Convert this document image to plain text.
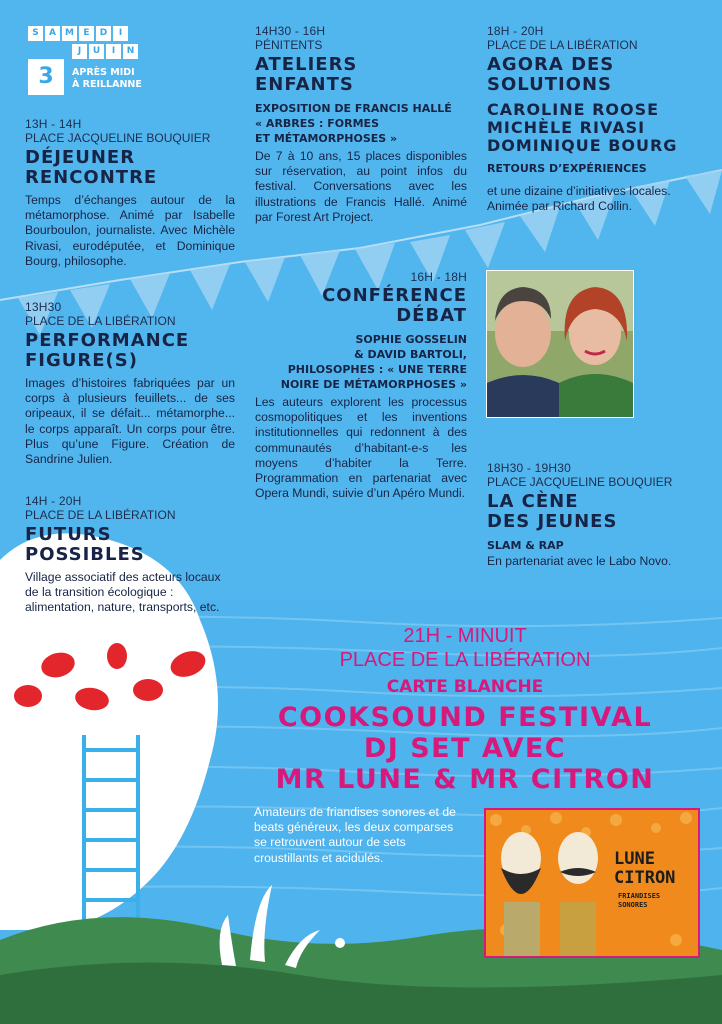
S	A	M	E	D	I
J	U	I	N
3	APRÈS MIDI
À REILLANNE
13H - 14H
PLACE JACQUELINE BOUQUIER
DÉJEUNER
RENCONTRE
Temps d’échanges autour de la métamorphose. Animé par Isabelle Bourboulon, journaliste. Avec Michèle Rivasi, eurodéputée, et Dominique Bourg, philosophe.
13H30
PLACE DE LA LIBÉRATION
PERFORMANCE
FIGURE(S)
Images d’histoires fabriquées par un corps à plusieurs feuillets... de ses oripeaux, il se défait... métamorphe... le corps apparaît. Un corps pour être. Plus qu’une Figure. Création de Sandrine Julien.
14H - 20H
PLACE DE LA LIBÉRATION
FUTURS
POSSIBLES
Village associatif des acteurs locaux de la transition écologique : alimentation, nature, transports, etc.
14H30 - 16H
PÉNITENTS
ATELIERS
ENFANTS
EXPOSITION DE FRANCIS HALLÉ
« ARBRES : FORMES
ET MÉTAMORPHOSES »
De 7 à 10 ans, 15 places disponibles sur réservation, au point infos du festival. Conversations avec les illustrations de Francis Hallé. Animé par Forest Art Project.
16H - 18H
CONFÉRENCE
DÉBAT
SOPHIE GOSSELIN
& DAVID BARTOLI,
PHILOSOPHES : « UNE TERRE
NOIRE DE MÉTAMORPHOSES »
Les auteurs explorent les processus cosmopolitiques et les inventions institutionnelles qui redonnent à des communautés d’habitant-e-s les moyens d’habiter la Terre. Programmation en partenariat avec Opera Mundi, suivie d’un Apéro Mundi.
18H - 20H
PLACE DE LA LIBÉRATION
AGORA DES
SOLUTIONS
CAROLINE ROOSE
MICHÈLE RIVASI
DOMINIQUE BOURG
RETOURS D’EXPÉRIENCES
et une dizaine d’initiatives locales. Animée par Richard Collin.
18H30 - 19H30
PLACE JACQUELINE BOUQUIER
LA CÈNE
DES JEUNES
SLAM & RAP
En partenariat avec le Labo Novo.
21H - MINUIT
PLACE DE LA LIBÉRATION
CARTE BLANCHE
COOKSOUND FESTIVAL
DJ SET AVEC
MR LUNE & MR CITRON
Amateurs de friandises sonores et de beats généreux, les deux comparses se retrouvent autour de sets croustillants et acidulés.	LUNE
CITRON
FRIANDISES
SONORES
